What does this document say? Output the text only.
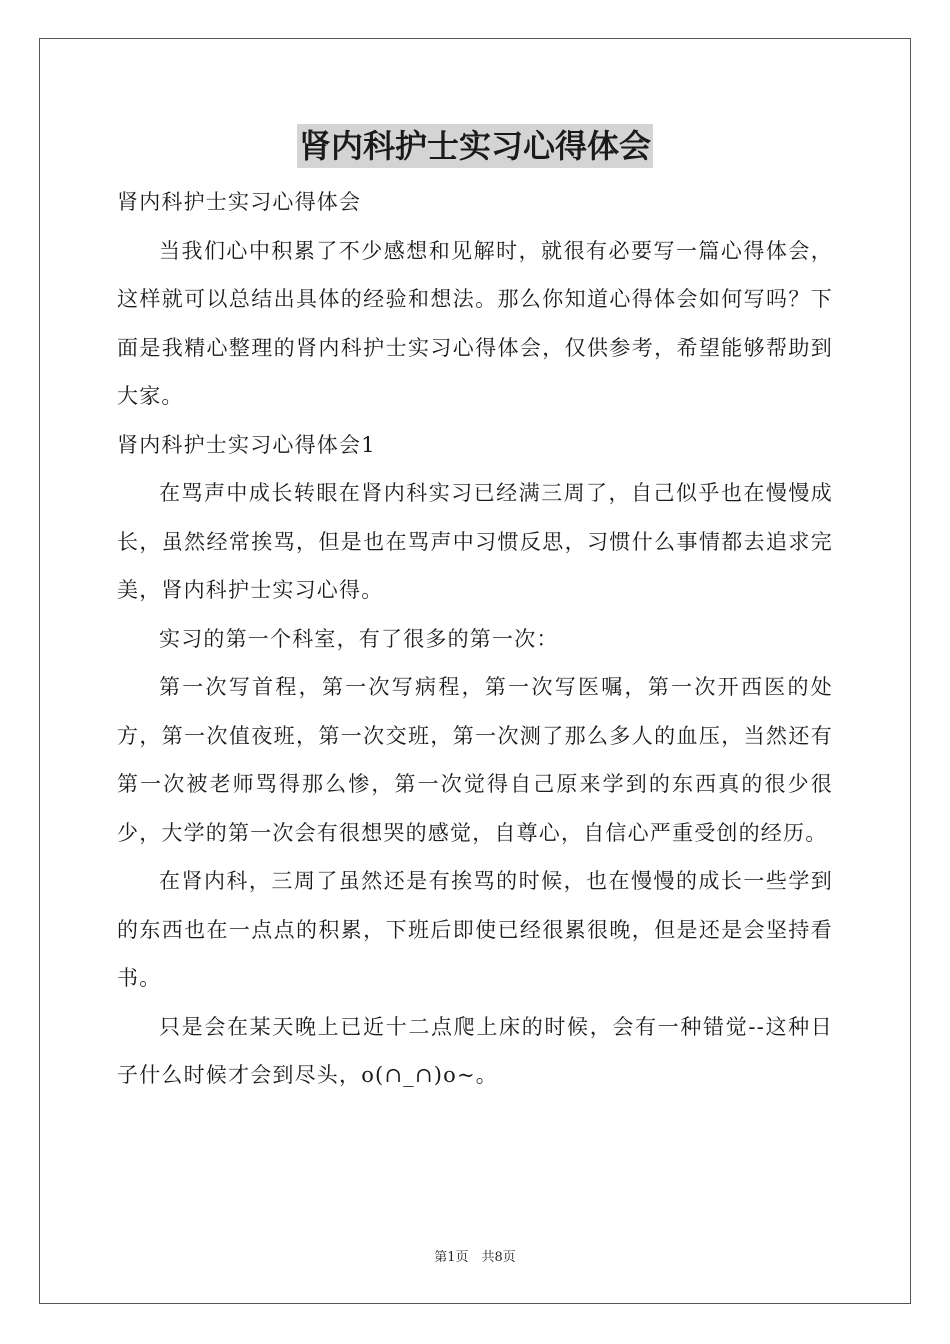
肾内科护士实习心得体会

肾内科护士实习心得体会

当我们心中积累了不少感想和见解时，就很有必要写一篇心得体会，这样就可以总结出具体的经验和想法。那么你知道心得体会如何写吗？下面是我精心整理的肾内科护士实习心得体会，仅供参考，希望能够帮助到大家。

肾内科护士实习心得体会1

在骂声中成长转眼在肾内科实习已经满三周了，自己似乎也在慢慢成长，虽然经常挨骂，但是也在骂声中习惯反思，习惯什么事情都去追求完美，肾内科护士实习心得。

实习的第一个科室，有了很多的第一次：

第一次写首程，第一次写病程，第一次写医嘱，第一次开西医的处方，第一次值夜班，第一次交班，第一次测了那么多人的血压，当然还有第一次被老师骂得那么惨，第一次觉得自己原来学到的东西真的很少很少，大学的第一次会有很想哭的感觉，自尊心，自信心严重受创的经历。

在肾内科，三周了虽然还是有挨骂的时候，也在慢慢的成长一些学到的东西也在一点点的积累，下班后即使已经很累很晚，但是还是会坚持看书。

只是会在某天晚上已近十二点爬上床的时候，会有一种错觉--这种日子什么时候才会到尽头，o(∩_∩)o~。

第1页　共8页
